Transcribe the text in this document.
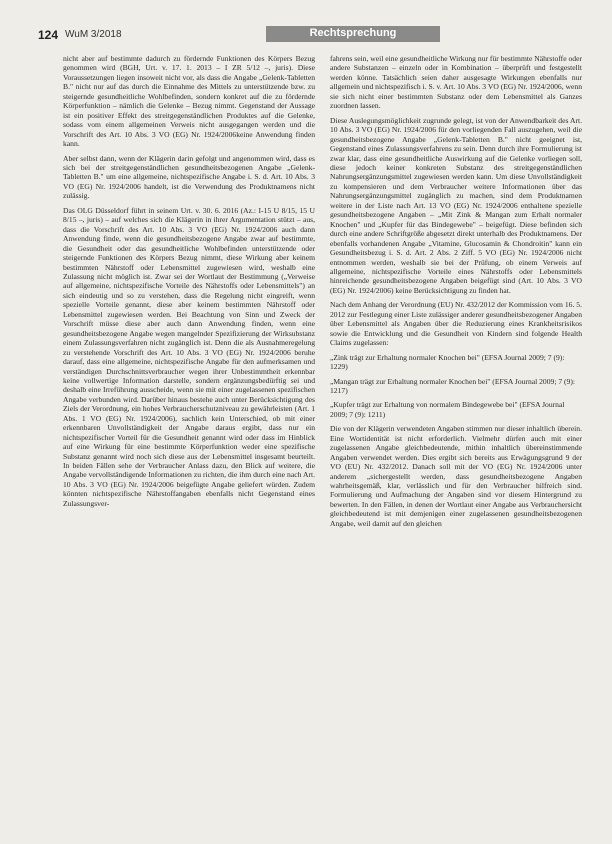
124 WuM 3/2018	Rechtsprechung

nicht aber auf bestimmte dadurch zu fördernde Funktionen des Körpers Bezug genommen wird (BGH, Urt. v. 17. 1. 2013 – I ZR 5/12 –, juris). Diese Voraussetzungen liegen insoweit nicht vor, als dass die Angabe „Gelenk-Tabletten B." nicht nur auf das durch die Einnahme des Mittels zu unterstützende bzw. zu steigernde gesundheitliche Wohlbefinden, sondern konkret auf die zu fördernde Körperfunktion – nämlich die Gelenke – Bezug nimmt. Gegenstand der Aussage ist ein positiver Effekt des streitgegenständlichen Produktes auf die Gelenke, sodass vom einem allgemeinen Verweis nicht ausgegangen werden und die Vorschrift des Art. 10 Abs. 3 VO (EG) Nr. 1924/2006keine Anwendung finden kann.

Aber selbst dann, wenn der Klägerin darin gefolgt und angenommen wird, dass es sich bei der streitgegenständlichen gesundheitsbezogenen Angabe „Gelenk-Tabletten B." um eine allgemeine, nichtspezifische Angabe i. S. d. Art. 10 Abs. 3 VO (EG) Nr. 1924/2006 handelt, ist die Verwendung des Produktnamens nicht zulässig.

Das OLG Düsseldorf führt in seinem Urt. v. 30. 6. 2016 (Az.: I-15 U 8/15, 15 U 8/15 –, juris) – auf welches sich die Klägerin in ihrer Argumentation stützt – aus, dass die Vorschrift des Art. 10 Abs. 3 VO (EG) Nr. 1924/2006 auch dann Anwendung finde, wenn die gesundheitsbezogene Angabe zwar auf bestimmte, die Gesundheit oder das gesundheitliche Wohlbefinden unterstützende oder steigernde Funktionen des Körpers Bezug nimmt, diese Wirkung aber keinem bestimmten Nährstoff oder Lebensmittel zugewiesen wird, weshalb eine Zulassung nicht möglich ist. Zwar sei der Wortlaut der Bestimmung („Verweise auf allgemeine, nichtspezifische Vorteile des Nährstoffs oder Lebensmittels") an sich eindeutig und so zu verstehen, dass die Regelung nicht eingreift, wenn spezielle Vorteile genannt, diese aber keinem bestimmten Nährstoff oder Lebensmittel zugewiesen werden. Bei Beachtung von Sinn und Zweck der Vorschrift müsse diese aber auch dann Anwendung finden, wenn eine gesundheitsbezogene Angabe wegen mangelnder Spezifizierung der Wirksubstanz einem Zulassungsverfahren nicht zugänglich ist. Denn die als Ausnahmeregelung zu verstehende Vorschrift des Art. 10 Abs. 3 VO (EG) Nr. 1924/2006 beruhe darauf, dass eine allgemeine, nichtspezifische Angabe für den aufmerksamen und verständigen Durchschnittsverbraucher wegen ihrer Unbestimmtheit erkennbar keine vollwertige Information darstelle, sondern ergänzungsbedürftig sei und deshalb eine Irreführung ausscheide, wenn sie mit einer zugelassenen spezifischen Angabe verbunden wird. Darüber hinaus bestehe auch unter Berücksichtigung des Ziels der Verordnung, ein hohes Verbraucherschutzniveau zu gewährleisten (Art. 1 Abs. 1 VO (EG) Nr. 1924/2006), sachlich kein Unterschied, ob mit einer erkennbaren Unvollständigkeit der Angabe daraus ergibt, dass nur ein nichtspezifischer Vorteil für die Gesundheit genannt wird oder dass im Hinblick auf eine Wirkung für eine bestimmte Körperfunktion weder eine spezifische Substanz genannt wird noch sich diese aus der Lebensmittel insgesamt beurteilt. In beiden Fällen sehe der Verbraucher Anlass dazu, den Blick auf weitere, die Angabe vervollständigende Informationen zu richten, die ihm durch eine nach Art. 10 Abs. 3 VO (EG) Nr. 1924/2006 beigefügte Angabe geliefert würden. Zudem könnten nichtspezifische Nährstoffangaben ebenfalls nicht Gegenstand eines Zulassungsver-

fahrens sein, weil eine gesundheitliche Wirkung nur für bestimmte Nährstoffe oder andere Substanzen – einzeln oder in Kombination – überprüft und festgestellt werden könne. Tatsächlich seien daher ausgesagte Wirkungen ebenfalls nur allgemein und nichtspezifisch i. S. v. Art. 10 Abs. 3 VO (EG) Nr. 1924/2006, wenn sie sich nicht einer bestimmten Substanz oder dem Lebensmittel als Ganzes zuordnen lassen.

Diese Auslegungsmöglichkeit zugrunde gelegt, ist von der Anwendbarkeit des Art. 10 Abs. 3 VO (EG) Nr. 1924/2006 für den vorliegenden Fall auszugehen, weil die gesundheitsbezogene Angabe „Gelenk-Tabletten B." nicht geeignet ist, Gegenstand eines Zulassungsverfahrens zu sein. Denn durch ihre Formulierung ist zwar klar, dass eine gesundheitliche Auswirkung auf die Gelenke vorliegen soll, diese jedoch keiner konkreten Substanz des streitgegenständlichen Nahrungsergänzungsmittel zugewiesen werden kann. Um diese Unvollständigkeit zu kompensieren und dem Verbraucher weitere Informationen über das Nahrungsergänzungsmittel zugänglich zu machen, sind dem Produktnamen weitere in der Liste nach Art. 13 VO (EG) Nr. 1924/2006 enthaltene spezielle gesundheitsbezogene Angaben – „Mit Zink & Mangan zum Erhalt normaler Knochen" und „Kupfer für das Bindegewebe" – beigefügt. Diese befinden sich durch eine andere Schriftgröße abgesetzt direkt unterhalb des Produktnamens. Der ebenfalls vorhandenen Angabe „Vitamine, Glucosamin & Chondroitin" kann ein Gesundheitsbezug i. S. d. Art. 2 Abs. 2 Ziff. 5 VO (EG) Nr. 1924/2006 nicht entnommen werden, weshalb sie bei der Prüfung, ob einem Verweis auf allgemeine, nichtspezifische Vorteile eines Nährstoffs oder Lebensmittels hinreichende gesundheitsbezogene Angaben beigefügt sind (Art. 10 Abs. 3 VO (EG) Nr. 1924/2006) keine Berücksichtigung zu finden hat.

Nach dem Anhang der Verordnung (EU) Nr. 432/2012 der Kommission vom 16. 5. 2012 zur Festlegung einer Liste zulässiger anderer gesundheitsbezogener Angaben über Lebensmittel als Angaben über die Reduzierung eines Krankheitsrisikos sowie die Entwicklung und die Gesundheit von Kindern sind folgende Health Claims zugelassen:

„Zink trägt zur Erhaltung normaler Knochen bei" (EFSA Journal 2009; 7 (9): 1229)

„Mangan trägt zur Erhaltung normaler Knochen bei" (EFSA Journal 2009; 7 (9): 1217)

„Kupfer trägt zur Erhaltung von normalem Bindegewebe bei" (EFSA Journal 2009; 7 (9): 1211)

Die von der Klägerin verwendeten Angaben stimmen nur dieser inhaltlich überein. Eine Wortidentität ist nicht erforderlich. Vielmehr dürfen auch mit einer zugelassenen Angabe gleichbedeutende, mithin inhaltlich übereinstimmende Angaben verwendet werden. Dies ergibt sich bereits aus Erwägungsgrund 9 der VO (EU) Nr. 432/2012. Danach soll mit der VO (EG) Nr. 1924/2006 unter anderem „sichergestellt werden, dass gesundheitsbezogene Angaben wahrheitsgemäß, klar, verlässlich und für den Verbraucher hilfreich sind. Formulierung und Aufmachung der Angaben sind vor diesem Hintergrund zu bewerten. In den Fällen, in denen der Wortlaut einer Angabe aus Verbrauchersicht gleichbedeutend ist mit demjenigen einer zugelassenen gesundheitsbezogenen Angabe, weil damit auf den gleichen
